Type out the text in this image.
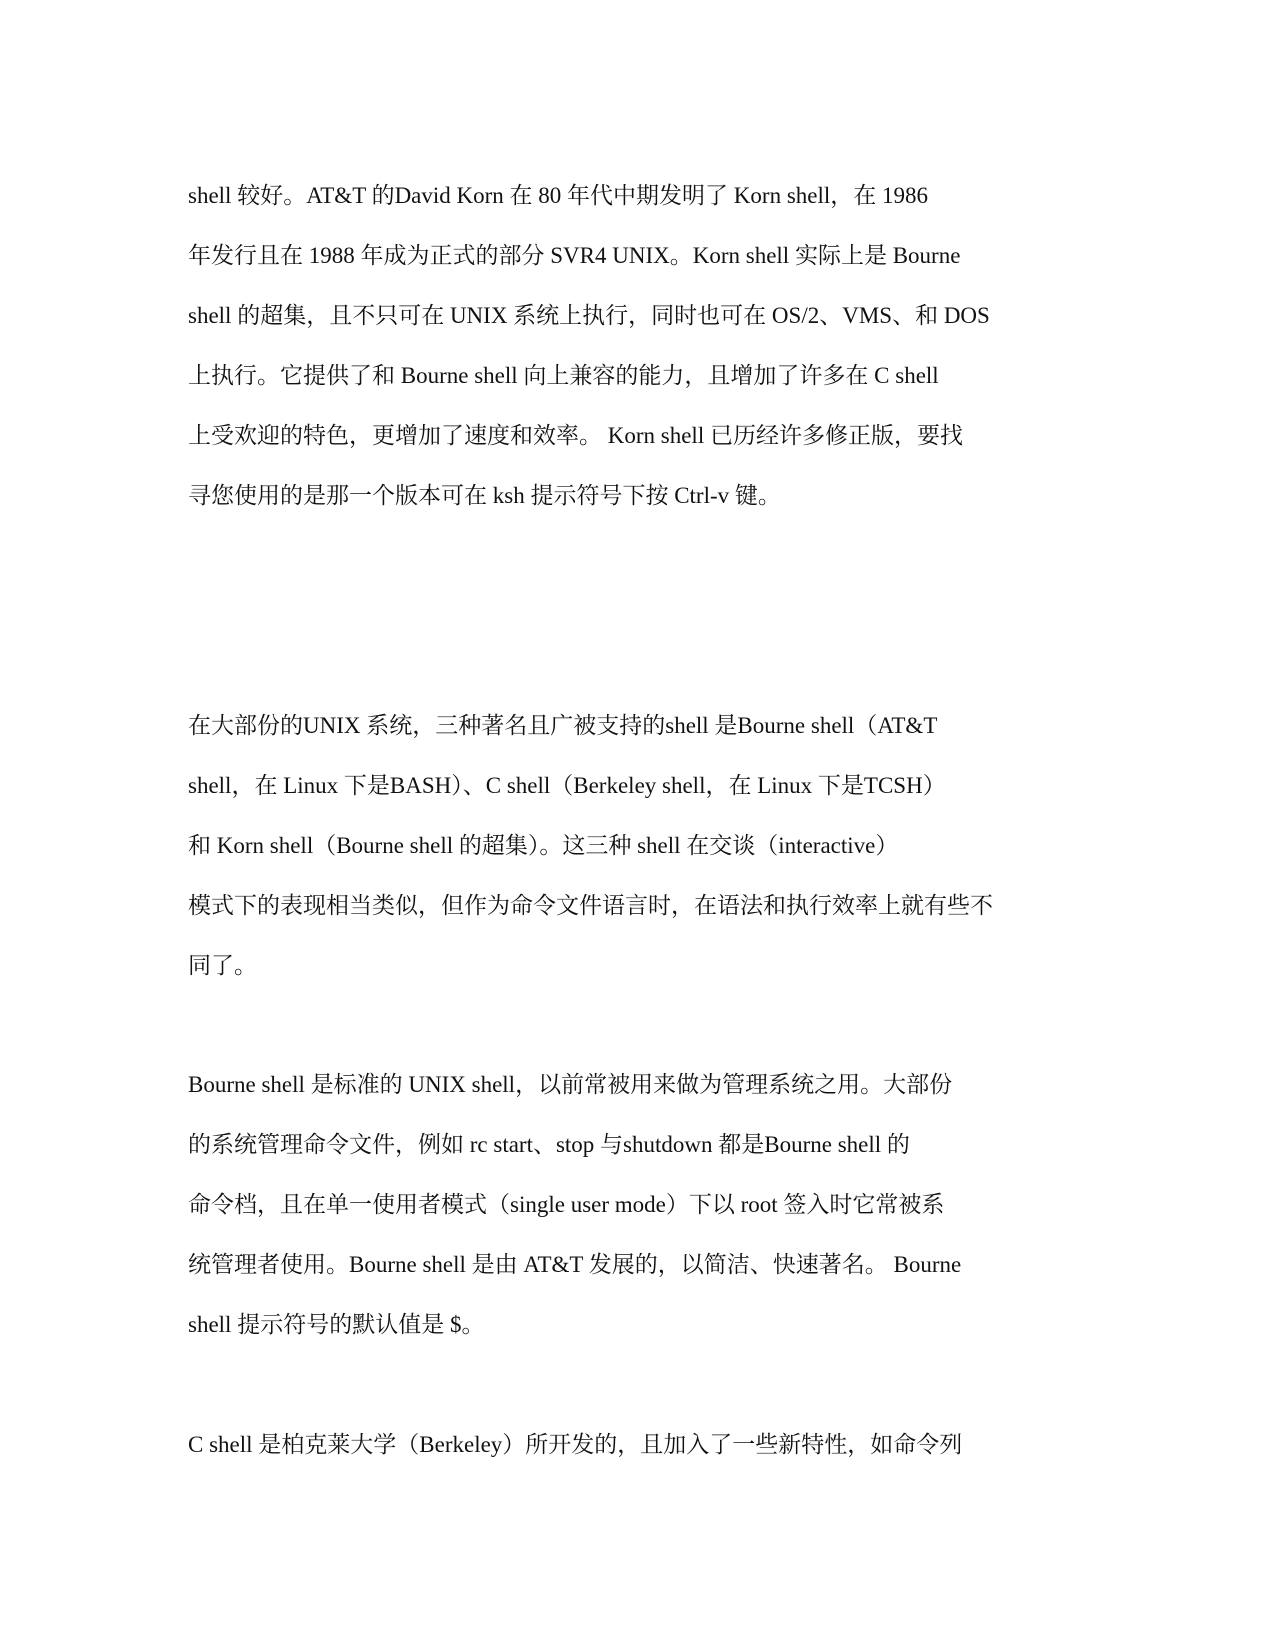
shell 较好。AT&T 的David Korn 在 80 年代中期发明了 Korn shell，在 1986
年发行且在 1988 年成为正式的部分 SVR4 UNIX。Korn shell 实际上是 Bourne
shell 的超集，且不只可在 UNIX 系统上执行，同时也可在 OS/2、VMS、和 DOS
上执行。它提供了和 Bourne shell 向上兼容的能力，且增加了许多在 C shell
上受欢迎的特色，更增加了速度和效率。 Korn shell 已历经许多修正版，要找
寻您使用的是那一个版本可在 ksh 提示符号下按 Ctrl-v 键。
在大部份的UNIX 系统，三种著名且广被支持的shell 是Bourne shell（AT&T
shell，在 Linux 下是BASH）、C shell（Berkeley shell，在 Linux 下是TCSH）
和 Korn shell（Bourne shell 的超集）。这三种 shell 在交谈（interactive）
模式下的表现相当类似，但作为命令文件语言时，在语法和执行效率上就有些不
同了。
Bourne shell 是标准的 UNIX shell，以前常被用来做为管理系统之用。大部份
的系统管理命令文件，例如 rc start、stop 与shutdown 都是Bourne shell 的
命令档，且在单一使用者模式（single user mode）下以 root 签入时它常被系
统管理者使用。Bourne shell 是由 AT&T 发展的，以简洁、快速著名。 Bourne
shell 提示符号的默认值是 $。
C shell 是柏克莱大学（Berkeley）所开发的，且加入了一些新特性，如命令列
